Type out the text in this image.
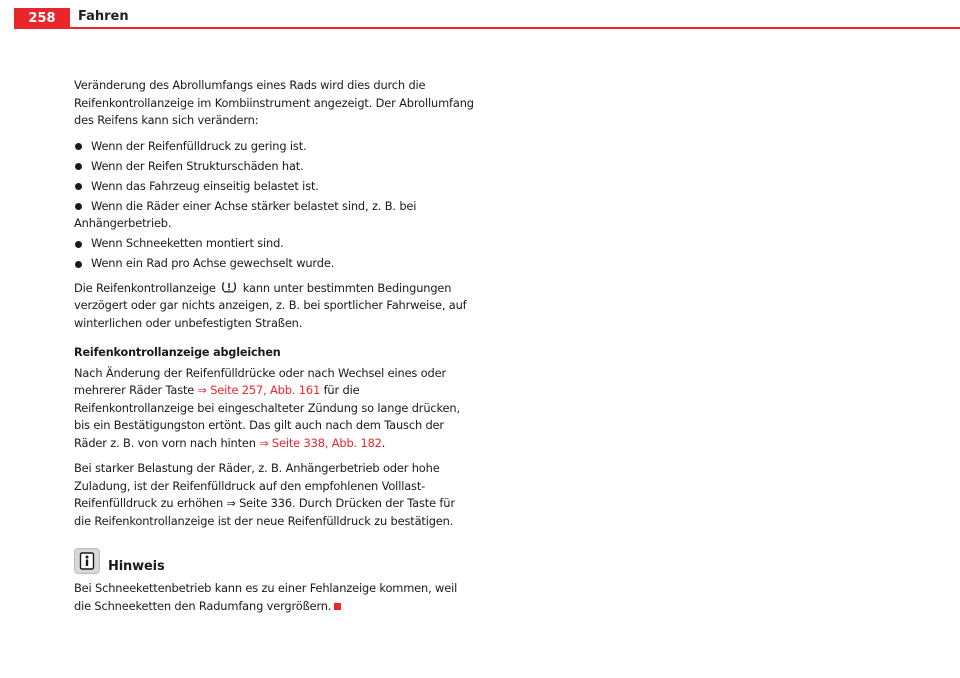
258	Fahren

Veränderung des Abrollumfangs eines Rads wird dies durch die Reifenkontrollanzeige im Kombiinstrument angezeigt. Der Abrollumfang des Reifens kann sich verändern:

Wenn der Reifenfülldruck zu gering ist.
Wenn der Reifen Strukturschäden hat.
Wenn das Fahrzeug einseitig belastet ist.
Wenn die Räder einer Achse stärker belastet sind, z. B. bei Anhängerbetrieb.
Wenn Schneeketten montiert sind.
Wenn ein Rad pro Achse gewechselt wurde.

Die Reifenkontrollanzeige kann unter bestimmten Bedingungen verzögert oder gar nichts anzeigen, z. B. bei sportlicher Fahrweise, auf winterlichen oder unbefestigten Straßen.

Reifenkontrollanzeige abgleichen

Nach Änderung der Reifenfülldrücke oder nach Wechsel eines oder mehrerer Räder Taste ⇒ Seite 257, Abb. 161 für die Reifenkontrollanzeige bei eingeschalteter Zündung so lange drücken, bis ein Bestätigungston ertönt. Das gilt auch nach dem Tausch der Räder z. B. von vorn nach hinten ⇒ Seite 338, Abb. 182.

Bei starker Belastung der Räder, z. B. Anhängerbetrieb oder hohe Zuladung, ist der Reifenfülldruck auf den empfohlenen Volllast-Reifenfülldruck zu erhöhen ⇒ Seite 336. Durch Drücken der Taste für die Reifenkontrollanzeige ist der neue Reifenfülldruck zu bestätigen.

Hinweis

Bei Schneekettenbetrieb kann es zu einer Fehlanzeige kommen, weil die Schneeketten den Radumfang vergrößern.
